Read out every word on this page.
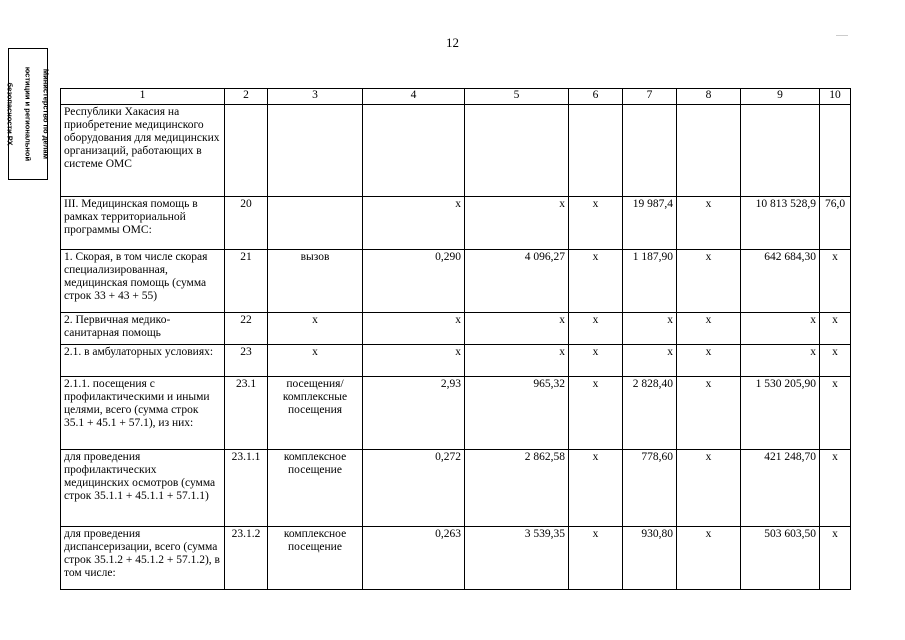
12

Министерство по делам

юстиции и региональной

безопасности РХ	1	2	3	4	5	6	7	8	9	10
Республики Хакасия на приобретение медицинского оборудования для медицинских организаций, работающих в системе ОМС									
III. Медицинская помощь в рамках территориальной программы ОМС:	20		х	х	х	19 987,4	х	10 813 528,9	76,0
1. Скорая, в том числе скорая специализированная, медицинская помощь (сумма строк 33 + 43 + 55)	21	вызов	0,290	4 096,27	х	1 187,90	х	642 684,30	х
2. Первичная медико-санитарная помощь	22	х	х	х	х	х	х	х	х
2.1. в амбулаторных условиях:	23	х	х	х	х	х	х	х	х
2.1.1. посещения с профилактическими и иными целями, всего (сумма строк 35.1 + 45.1 + 57.1), из них:	23.1	посещения/ комплексные посещения	2,93	965,32	х	2 828,40	х	1 530 205,90	х
для проведения профилактических медицинских осмотров (сумма строк 35.1.1 + 45.1.1 + 57.1.1)	23.1.1	комплексное посещение	0,272	2 862,58	х	778,60	х	421 248,70	х
для проведения диспансеризации, всего (сумма строк 35.1.2 + 45.1.2 + 57.1.2), в том числе:	23.1.2	комплексное посещение	0,263	3 539,35	х	930,80	х	503 603,50	х
